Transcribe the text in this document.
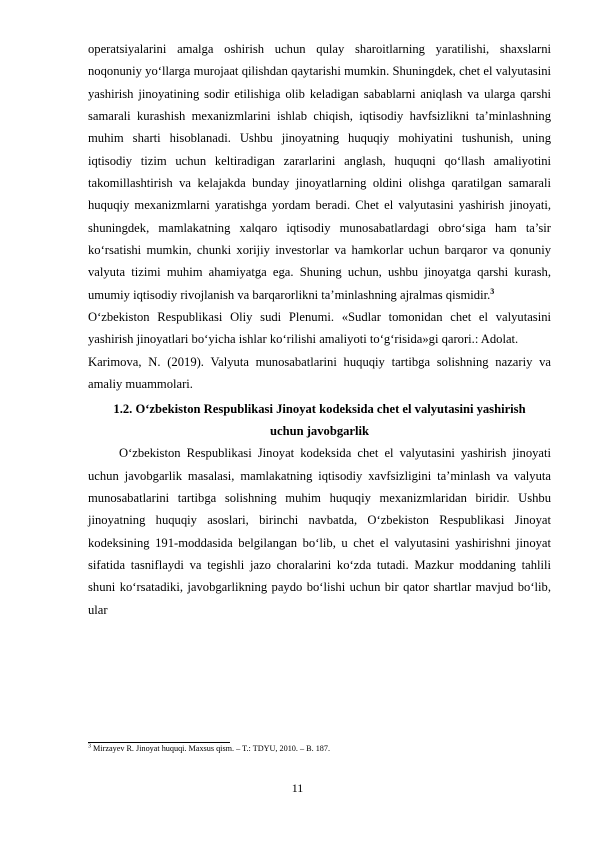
operatsiyalarini amalga oshirish uchun qulay sharoitlarning yaratilishi, shaxslarni noqonuniy yo‘llarga murojaat qilishdan qaytarishi mumkin. Shuningdek, chet el valyutasini yashirish jinoyatining sodir etilishiga olib keladigan sabablarni aniqlash va ularga qarshi samarali kurashish mexanizmlarini ishlab chiqish, iqtisodiy havfsizlikni ta’minlashning muhim sharti hisoblanadi. Ushbu jinoyatning huquqiy mohiyatini tushunish, uning iqtisodiy tizim uchun keltiradigan zararlarini anglash, huquqni qo‘llash amaliyotini takomillashtirish va kelajakda bunday jinoyatlarning oldini olishga qaratilgan samarali huquqiy mexanizmlarni yaratishga yordam beradi. Chet el valyutasini yashirish jinoyati, shuningdek, mamlakatning xalqaro iqtisodiy munosabatlardagi obro‘siga ham ta’sir ko‘rsatishi mumkin, chunki xorijiy investorlar va hamkorlar uchun barqaror va qonuniy valyuta tizimi muhim ahamiyatga ega. Shuning uchun, ushbu jinoyatga qarshi kurash, umumiy iqtisodiy rivojlanish va barqarorlikni ta’minlashning ajralmas qismidir.$^3$

O‘zbekiston Respublikasi Oliy sudi Plenumi. «Sudlar tomonidan chet el valyutasini yashirish jinoyatlari bo‘yicha ishlar ko‘rilishi amaliyoti to‘g‘risida»gi qarori.: Adolat.

Karimova, N. (2019). Valyuta munosabatlarini huquqiy tartibga solishning nazariy va amaliy muammolari.

1.2. O‘zbekiston Respublikasi Jinoyat kodeksida chet el valyutasini yashirish
uchun javobgarlik

O‘zbekiston Respublikasi Jinoyat kodeksida chet el valyutasini yashirish jinoyati uchun javobgarlik masalasi, mamlakatning iqtisodiy xavfsizligini ta’minlash va valyuta munosabatlarini tartibga solishning muhim huquqiy mexanizmlaridan biridir. Ushbu jinoyatning huquqiy asoslari, birinchi navbatda, O‘zbekiston Respublikasi Jinoyat kodeksining 191-moddasida belgilangan bo‘lib, u chet el valyutasini yashirishni jinoyat sifatida tasniflaydi va tegishli jazo choralarini ko‘zda tutadi. Mazkur moddaning tahlili shuni ko‘rsatadiki, javobgarlikning paydo bo‘lishi uchun bir qator shartlar mavjud bo‘lib, ular

$^3$ Mirzayev R. Jinoyat huquqi. Maxsus qism. – T.: TDYU, 2010. – B. 187.
11
